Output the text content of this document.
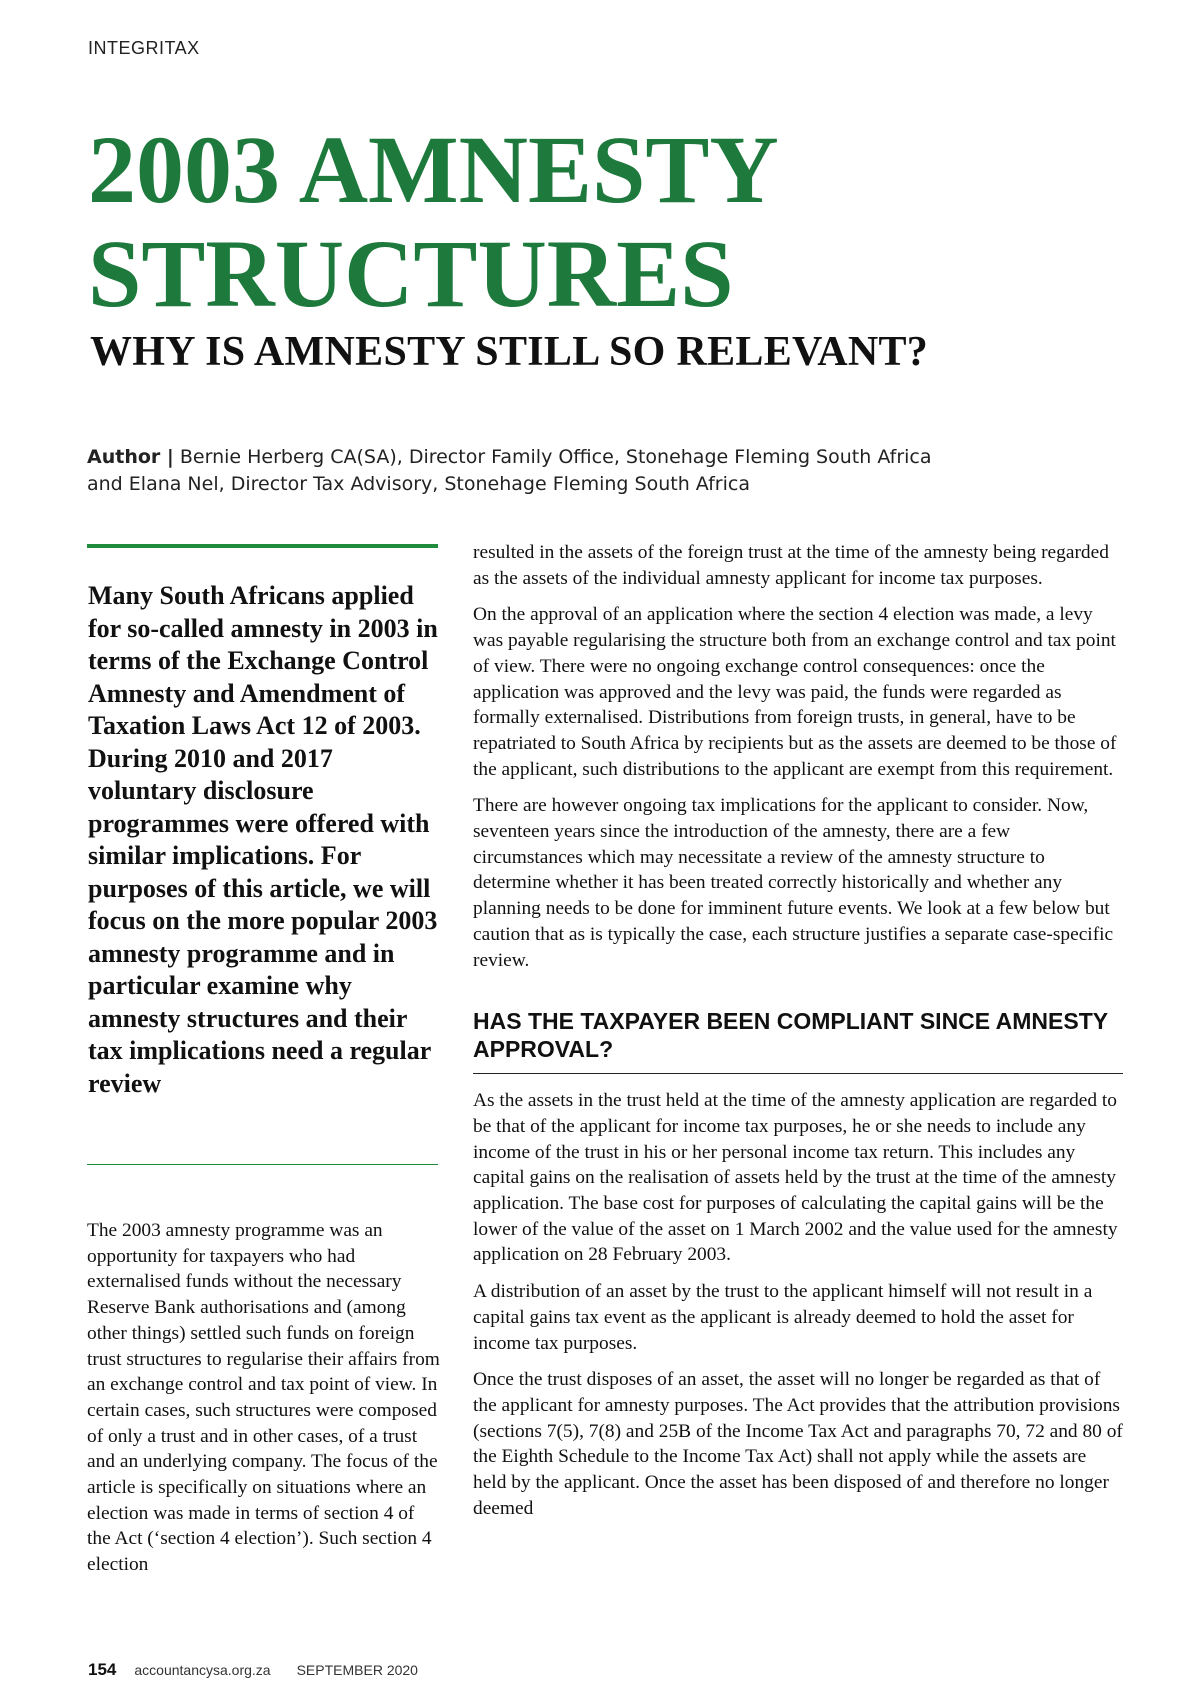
INTEGRITAX
2003 AMNESTY
STRUCTURES
WHY IS AMNESTY STILL SO RELEVANT?
Author | Bernie Herberg CA(SA), Director Family Office, Stonehage Fleming South Africa
and Elana Nel, Director Tax Advisory, Stonehage Fleming South Africa
Many South Africans applied for so-called amnesty in 2003 in terms of the Exchange Control Amnesty and Amendment of Taxation Laws Act 12 of 2003. During 2010 and 2017 voluntary disclosure programmes were offered with similar implications. For purposes of this article, we will focus on the more popular 2003 amnesty programme and in particular examine why amnesty structures and their tax implications need a regular review

The 2003 amnesty programme was an opportunity for taxpayers who had externalised funds without the necessary Reserve Bank authorisations and (among other things) settled such funds on foreign trust structures to regularise their affairs from an exchange control and tax point of view. In certain cases, such structures were composed of only a trust and in other cases, of a trust and an underlying company. The focus of the article is specifically on situations where an election was made in terms of section 4 of the Act (‘section 4 election’). Such section 4 election

resulted in the assets of the foreign trust at the time of the amnesty being regarded as the assets of the individual amnesty applicant for income tax purposes.

On the approval of an application where the section 4 election was made, a levy was payable regularising the structure both from an exchange control and tax point of view. There were no ongoing exchange control consequences: once the application was approved and the levy was paid, the funds were regarded as formally externalised. Distributions from foreign trusts, in general, have to be repatriated to South Africa by recipients but as the assets are deemed to be those of the applicant, such distributions to the applicant are exempt from this requirement.

There are however ongoing tax implications for the applicant to consider. Now, seventeen years since the introduction of the amnesty, there are a few circumstances which may necessitate a review of the amnesty structure to determine whether it has been treated correctly historically and whether any planning needs to be done for imminent future events. We look at a few below but caution that as is typically the case, each structure justifies a separate case-specific review.

HAS THE TAXPAYER BEEN COMPLIANT SINCE AMNESTY APPROVAL?

As the assets in the trust held at the time of the amnesty application are regarded to be that of the applicant for income tax purposes, he or she needs to include any income of the trust in his or her personal income tax return. This includes any capital gains on the realisation of assets held by the trust at the time of the amnesty application. The base cost for purposes of calculating the capital gains will be the lower of the value of the asset on 1 March 2002 and the value used for the amnesty application on 28 February 2003.

A distribution of an asset by the trust to the applicant himself will not result in a capital gains tax event as the applicant is already deemed to hold the asset for income tax purposes.

Once the trust disposes of an asset, the asset will no longer be regarded as that of the applicant for amnesty purposes. The Act provides that the attribution provisions (sections 7(5), 7(8) and 25B of the Income Tax Act and paragraphs 70, 72 and 80 of the Eighth Schedule to the Income Tax Act) shall not apply while the assets are held by the applicant. Once the asset has been disposed of and therefore no longer deemed

154 accountancysa.org.za SEPTEMBER 2020
